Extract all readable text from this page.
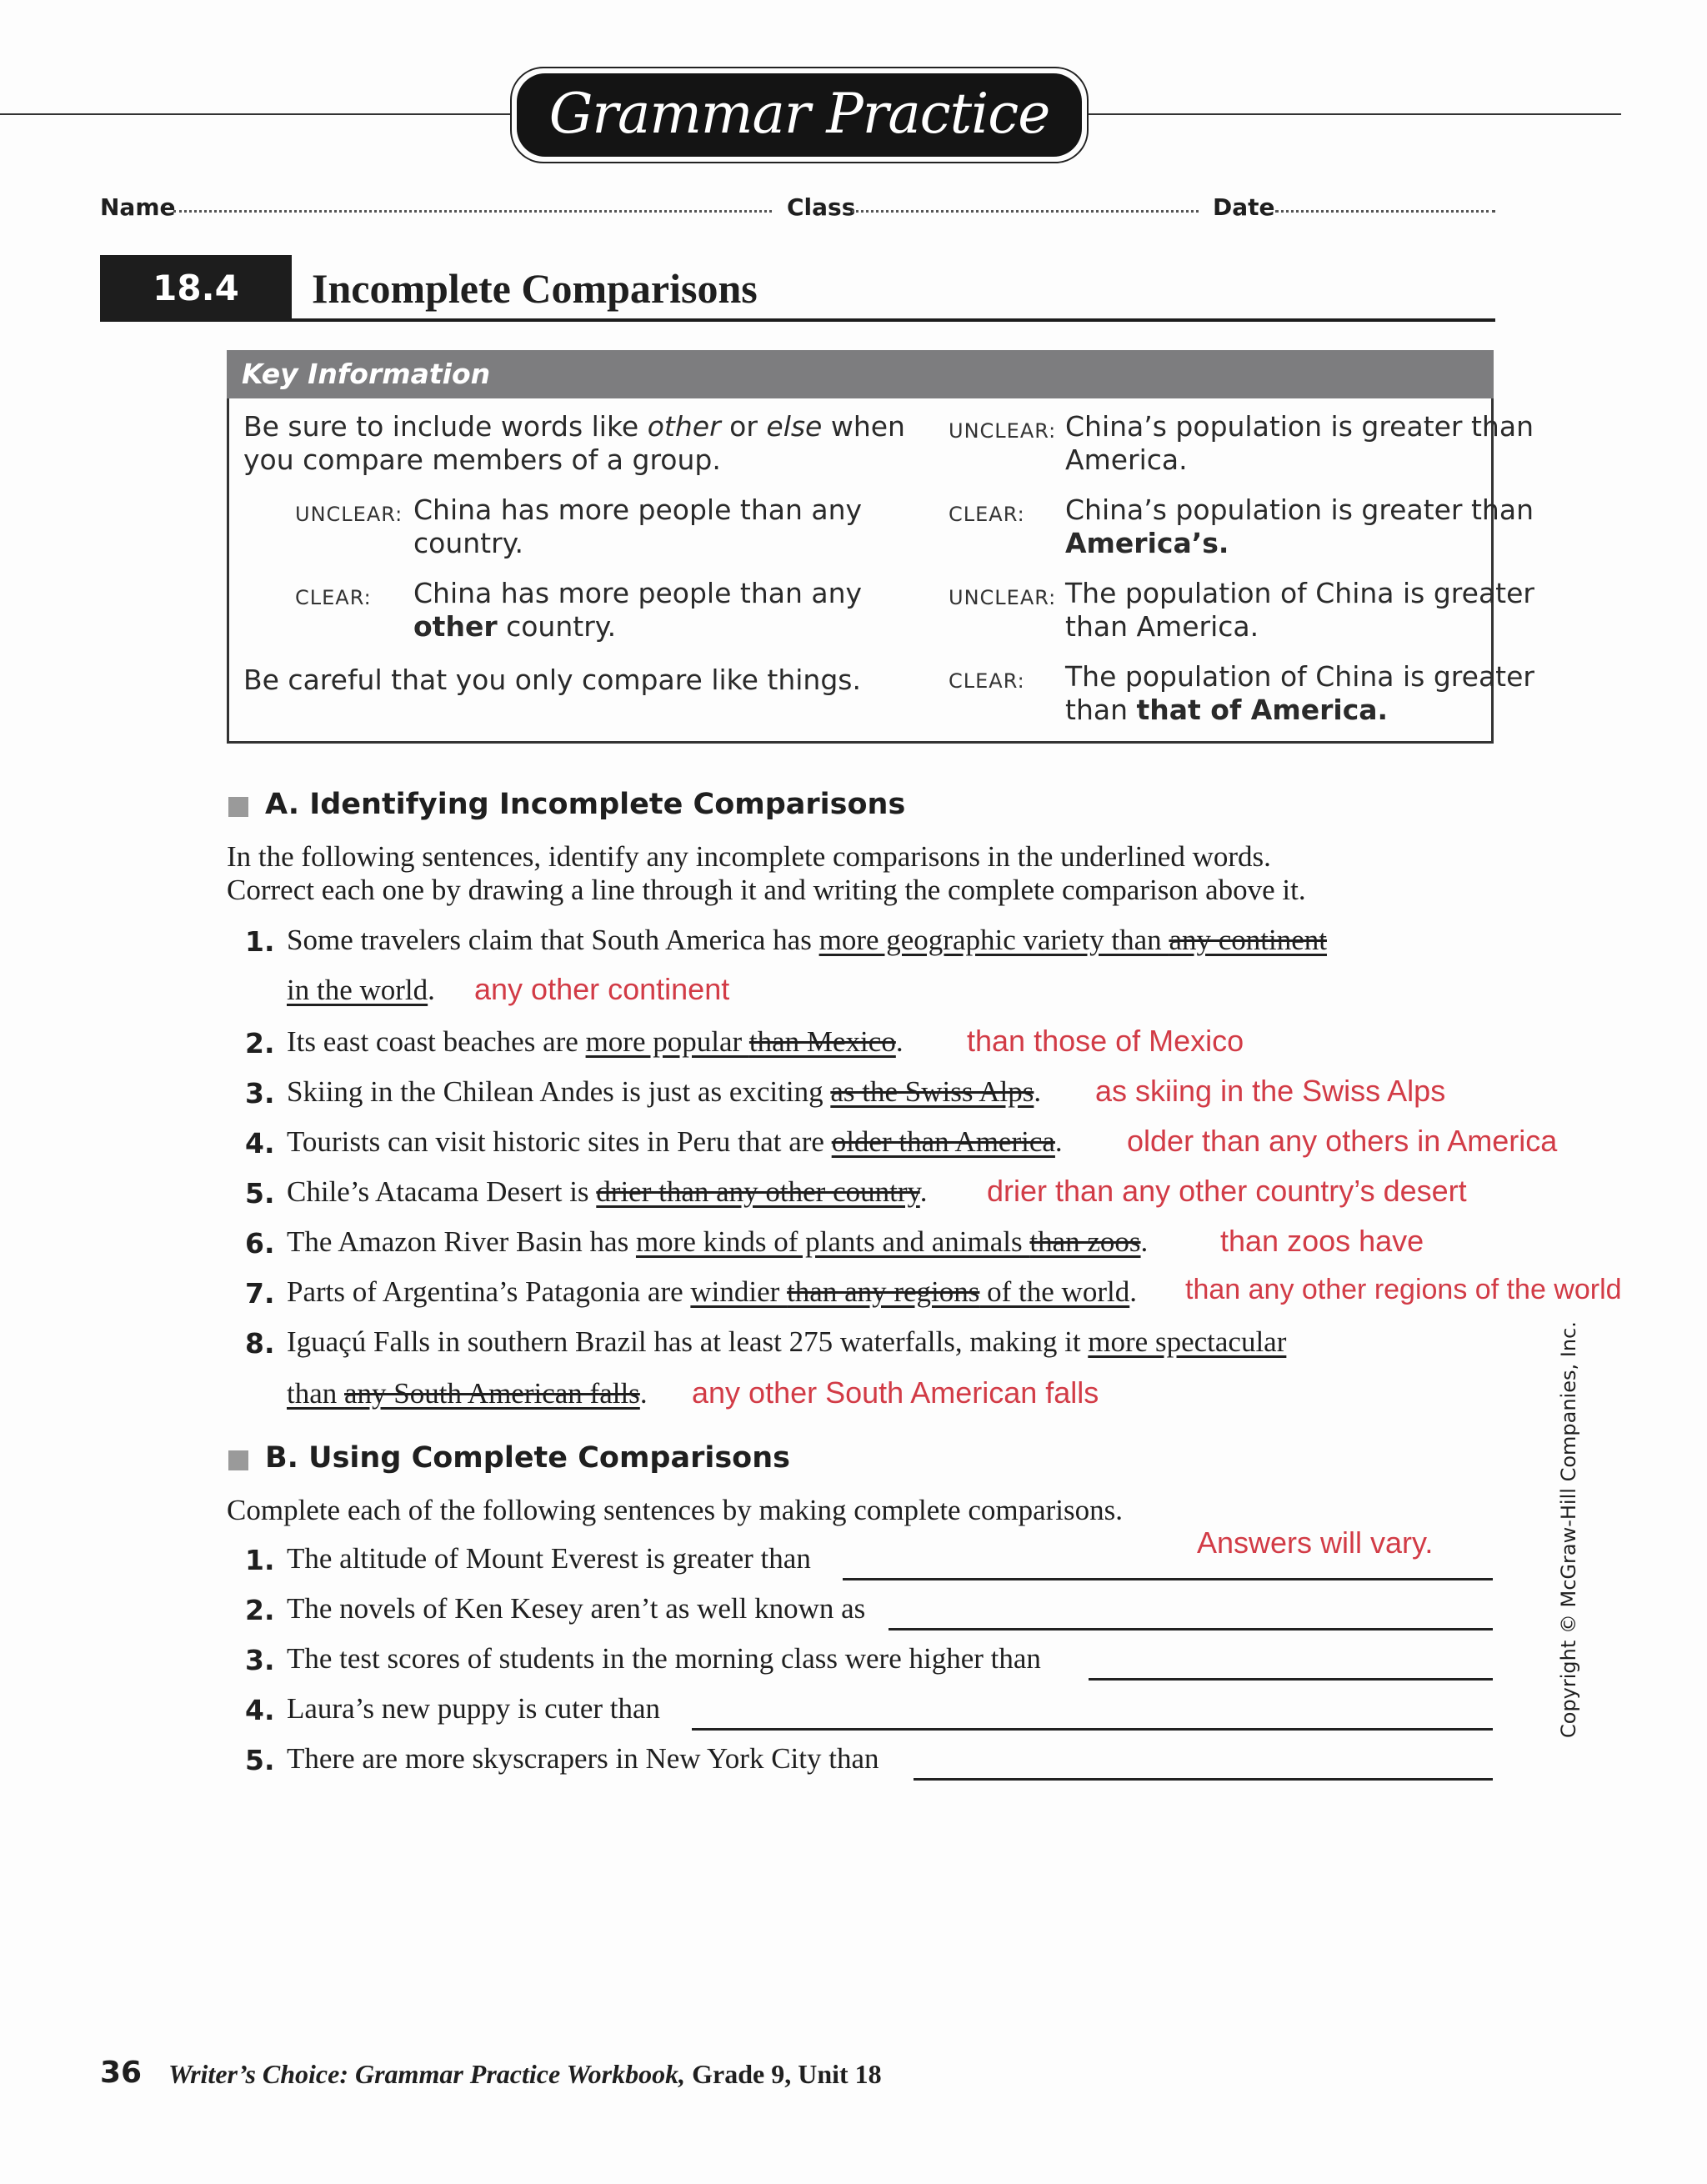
Grammar Practice
Name	Class	Date
18.4	Incomplete Comparisons
Key Information
Be sure to include words like other or else when
you compare members of a group.
UNCLEAR: China has more people than any
country.
CLEAR: China has more people than any
other country.
Be careful that you only compare like things.
UNCLEAR: China’s population is greater than
America.
CLEAR: China’s population is greater than
America’s.
UNCLEAR: The population of China is greater
than America.
CLEAR: The population of China is greater
than that of America.
A. Identifying Incomplete Comparisons
In the following sentences, identify any incomplete comparisons in the underlined words.
Correct each one by drawing a line through it and writing the complete comparison above it.
1. Some travelers claim that South America has more geographic variety than any continent
in the world. any other continent
2. Its east coast beaches are more popular than Mexico. than those of Mexico
3. Skiing in the Chilean Andes is just as exciting as the Swiss Alps. as skiing in the Swiss Alps
4. Tourists can visit historic sites in Peru that are older than America. older than any others in America
5. Chile’s Atacama Desert is drier than any other country. drier than any other country’s desert
6. The Amazon River Basin has more kinds of plants and animals than zoos. than zoos have
7. Parts of Argentina’s Patagonia are windier than any regions of the world. than any other regions of the world
8. Iguaçú Falls in southern Brazil has at least 275 waterfalls, making it more spectacular
than any South American falls. any other South American falls
B. Using Complete Comparisons
Complete each of the following sentences by making complete comparisons.
Answers will vary.
1. The altitude of Mount Everest is greater than
2. The novels of Ken Kesey aren’t as well known as
3. The test scores of students in the morning class were higher than
4. Laura’s new puppy is cuter than
5. There are more skyscrapers in New York City than
Copyright © McGraw-Hill Companies, Inc.
36 Writer’s Choice: Grammar Practice Workbook, Grade 9, Unit 18
